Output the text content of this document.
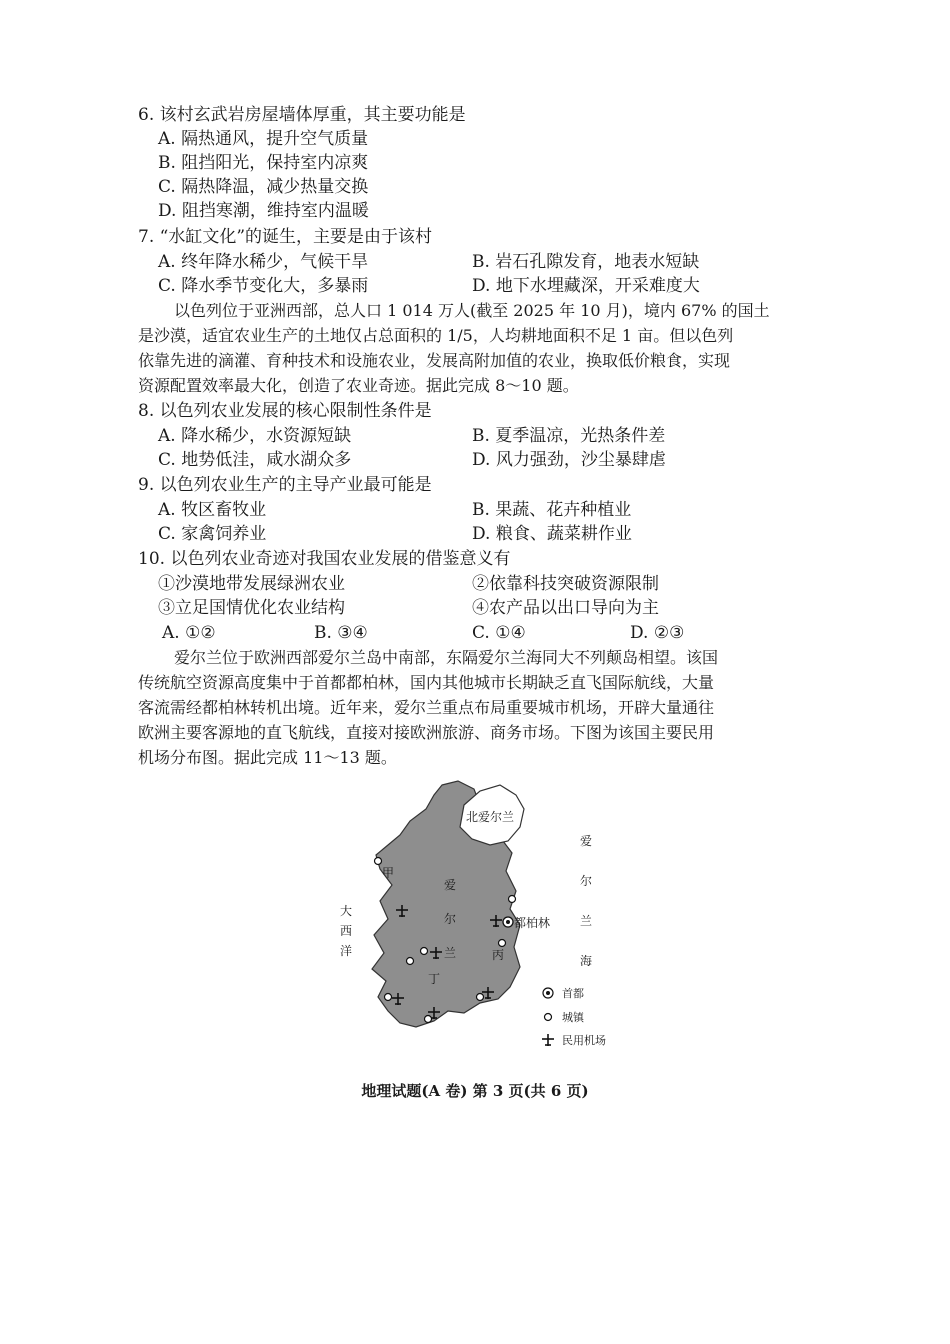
6. 该村玄武岩房屋墙体厚重，其主要功能是
A. 隔热通风，提升空气质量
B. 阻挡阳光，保持室内凉爽
C. 隔热降温，减少热量交换
D. 阻挡寒潮，维持室内温暖
7. “水缸文化”的诞生，主要是由于该村
A. 终年降水稀少，气候干旱	B. 岩石孔隙发育，地表水短缺
C. 降水季节变化大，多暴雨	D. 地下水埋藏深，开采难度大
以色列位于亚洲西部，总人口 1 014 万人(截至 2025 年 10 月)，境内 67% 的国土
是沙漠，适宜农业生产的土地仅占总面积的 1/5，人均耕地面积不足 1 亩。但以色列
依靠先进的滴灌、育种技术和设施农业，发展高附加值的农业，换取低价粮食，实现
资源配置效率最大化，创造了农业奇迹。据此完成 8～10 题。
8. 以色列农业发展的核心限制性条件是
A. 降水稀少，水资源短缺	B. 夏季温凉，光热条件差
C. 地势低洼，咸水湖众多	D. 风力强劲，沙尘暴肆虐
9. 以色列农业生产的主导产业最可能是
A. 牧区畜牧业	B. 果蔬、花卉种植业
C. 家禽饲养业	D. 粮食、蔬菜耕作业
10. 以色列农业奇迹对我国农业发展的借鉴意义有
①沙漠地带发展绿洲农业	②依靠科技突破资源限制
③立足国情优化农业结构	④农产品以出口导向为主
A. ①②	B. ③④	C. ①④	D. ②③
爱尔兰位于欧洲西部爱尔兰岛中南部，东隔爱尔兰海同大不列颠岛相望。该国
传统航空资源高度集中于首都都柏林，国内其他城市长期缺乏直飞国际航线，大量
客流需经都柏林转机出境。近年来，爱尔兰重点布局重要城市机场，开辟大量通往
欧洲主要客源地的直飞航线，直接对接欧洲旅游、商务市场。下图为该国主要民用
机场分布图。据此完成 11～13 题。
北爱尔兰
爱
尔
兰
海
大
西
洋
爱
尔
兰
甲
丙
丁
都柏林
首都
城镇
民用机场
地理试题(A 卷) 第 3 页(共 6 页)
